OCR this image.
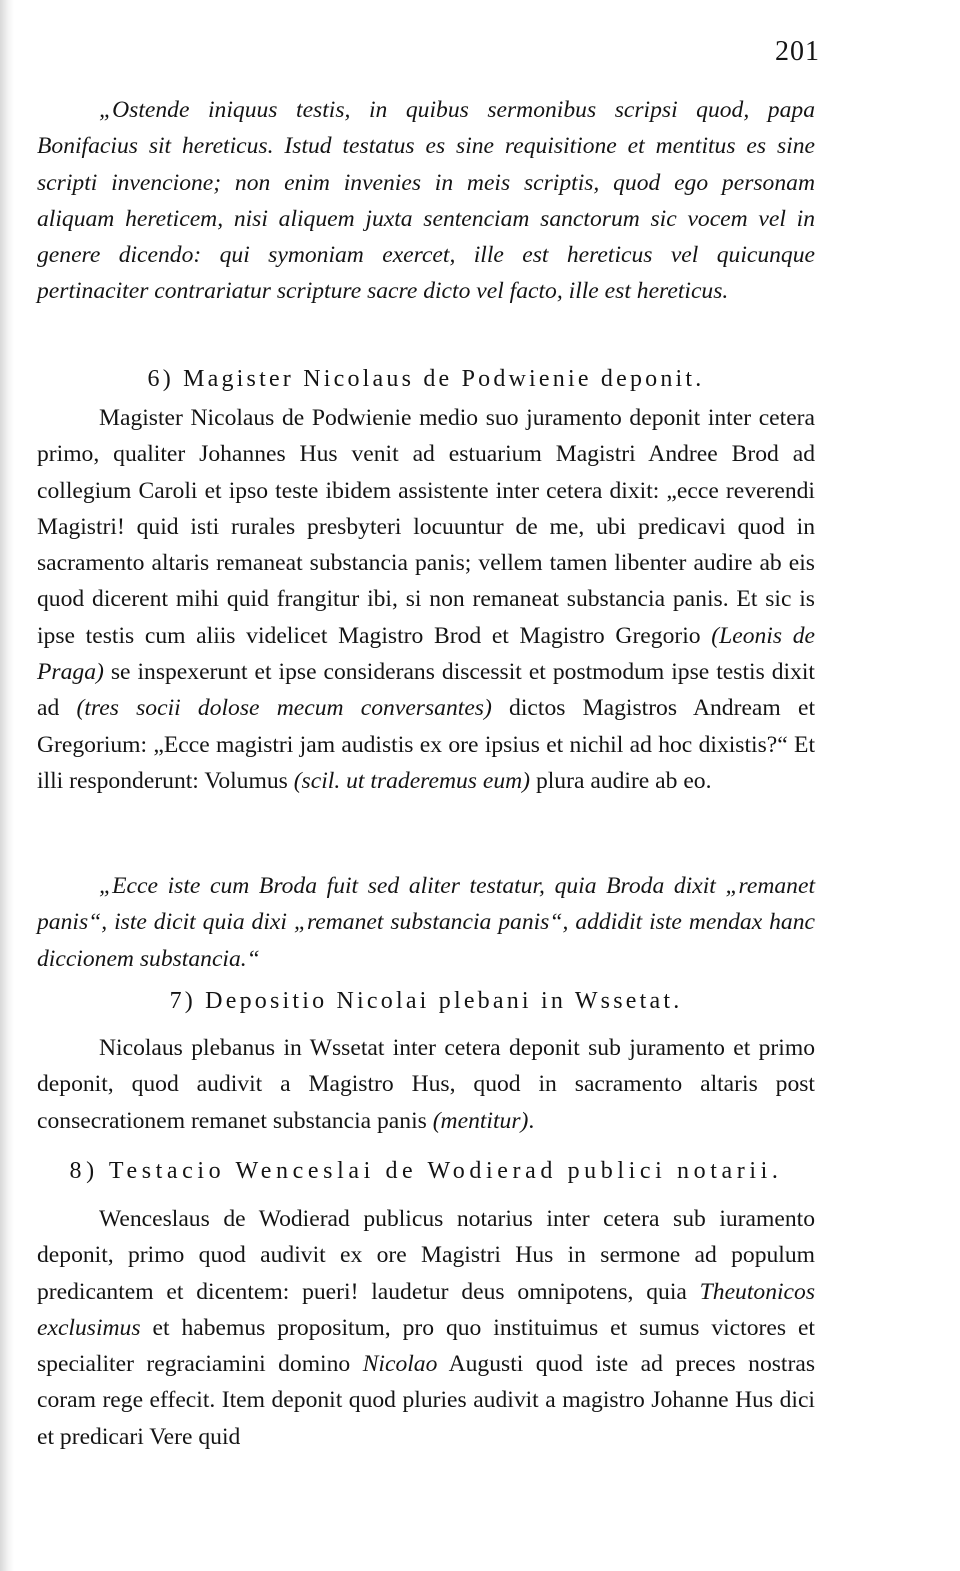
201

„Ostende iniquus testis, in quibus sermonibus scripsi quod, papa Bonifacius sit hereticus. Istud testatus es sine requisitione et mentitus es sine scripti invencione; non enim invenies in meis scriptis, quod ego personam aliquam hereticem, nisi aliquem juxta sentenciam sanctorum sic vocem vel in genere dicendo: qui symoniam exercet, ille est hereticus vel quicunque pertinaciter contrariatur scripture sacre dicto vel facto, ille est hereticus.

6) Magister Nicolaus de Podwienie deponit.

Magister Nicolaus de Podwienie medio suo juramento deponit inter cetera primo, qualiter Johannes Hus venit ad estuarium Magistri Andree Brod ad collegium Caroli et ipso teste ibidem assistente inter cetera dixit: „ecce reverendi Magistri! quid isti rurales presbyteri locuuntur de me, ubi predicavi quod in sacramento altaris remaneat substancia panis; vellem tamen libenter audire ab eis quod dicerent mihi quid frangitur ibi, si non remaneat substancia panis. Et sic is ipse testis cum aliis videlicet Magistro Brod et Magistro Gregorio (Leonis de Praga) se inspexerunt et ipse considerans discessit et postmodum ipse testis dixit ad (tres socii dolose mecum conversantes) dictos Magistros Andream et Gregorium: „Ecce magistri jam audistis ex ore ipsius et nichil ad hoc dixistis?“ Et illi responderunt: Volumus (scil. ut traderemus eum) plura audire ab eo.

„Ecce iste cum Broda fuit sed aliter testatur, quia Broda dixit „remanet panis“, iste dicit quia dixi „remanet substancia panis“, addidit iste mendax hanc diccionem substancia.“

7) Depositio Nicolai plebani in Wssetat.

Nicolaus plebanus in Wssetat inter cetera deponit sub juramento et primo deponit, quod audivit a Magistro Hus, quod in sacramento altaris post consecrationem remanet substancia panis (mentitur).

8) Testacio Wenceslai de Wodierad publici notarii.

Wenceslaus de Wodierad publicus notarius inter cetera sub iuramento deponit, primo quod audivit ex ore Magistri Hus in sermone ad populum predicantem et dicentem: pueri! laudetur deus omnipotens, quia Theutonicos exclusimus et habemus propositum, pro quo instituimus et sumus victores et specialiter regraciamini domino Nicolao Augusti quod iste ad preces nostras coram rege effecit. Item deponit quod pluries audivit a magistro Johanne Hus dici et predicari Vere quid
